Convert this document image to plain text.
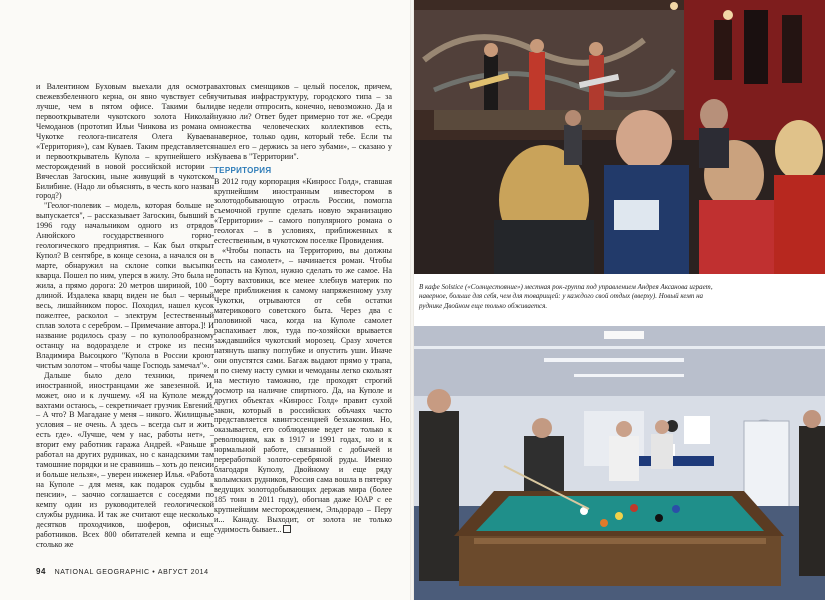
и Валентином Буховым выехали для осмотра свежевзбеленного керна, он явно чувствует себя лучше, чем в пятом офисе. Такими были первооткрыватели чукотского золота Николай Чемоданов (прототип Ильи Чинкова из романа о Чукотке геолога-писателя Олега Куваева «Территория»), сам Куваев. Таким представляется и первооткрыватель Купола – крупнейшего из месторождений в новой российской истории – Вячеслав Загоскин, ныне живущий в чукотском Билибине. (Надо ли объяснять, в честь кого назван город?)

"Геолог-полевик – модель, которая больше не выпускается", – рассказывает Загоскин, бывший в 1996 году начальником одного из отрядов Анюйского государственного горно-геологического предприятия. – Как был открыт Купол? В сентябре, в конце сезона, а начался он в марте, обнаружил на склоне сопки высыпки кварца. Пошел по ним, уперся в жилу. Это была не жила, а прямо дорога: 20 метров шириной, 100 – длиной. Издалека кварц виден не был – черный весь, лишайником порос. Походил, нашел кусок пожелтее, расколол – электрум [естественный сплав золота с серебром. – Примечание автора.]! И название родилось сразу – по куполообразному останцу на водоразделе и строке из песни Владимира Высоцкого "Купола в России кроют чистым золотом – чтобы чаще Господь замечал"».

Дальше было дело техники, причем иностранной, иностранцами же завезенной. И, может, оно и к лучшему. «Я на Куполе между вахтами остаюсь, – секретничает грузчик Евгений. – А что? В Магадане у меня – никого. Жилищные условия – не очень. А здесь – всегда сыт и жить есть где». «Лучше, чем у нас, работы нет», – вторит ему работник гаража Андрей. «Раньше я работал на других рудниках, но с канадскими там тамошние порядки и не сравнишь – хоть до пенсии и больше нельзя», – уверен инженер Илья. «Работа на Куполе – для меня, как подарок судьбы к пенсии», – заочно соглашается с соседями по кемпу один из руководителей геологической службы рудника. И так же считают еще несколько десятков проходчиков, шоферов, офисных работников. Всех 800 обитателей кемпа и еще столько же

вахтовых сменщиков – целый поселок, причем, учитывая инфраструктуру, городского типа – за две недели отпросить, конечно, невозможно. Да и нужно ли? Ответ будет примерно тот же. «Среди множества человеческих коллективов есть, наверное, только один, который тебе. Если ты нашел его – держись за него зубами», – сказано у Куваева в "Территории".

ТЕРРИТОРИЯ

В 2012 году корпорация «Кинросс Голд», ставшая крупнейшим иностранным инвестором в золотодобывающую отрасль России, помогла съемочной группе сделать новую экранизацию «Территории» – самого популярного романа о геологах – в условиях, приближенных к естественным, в чукотском поселке Провидения.

«Чтобы попасть на Территорию, вы должны сесть на самолет», – начинается роман. Чтобы попасть на Купол, нужно сделать то же самое. На борту вахтовики, все менее хлебнув материк по мере приближения к самому напряженному узлу Чукотки, отрываются от себя остатки материкового советского быта. Через два с половиной часа, когда на Куполе самолет распахивает люк, туда по-хозяйски врывается заждавшийся чукотский морозец. Сразу хочется натянуть шапку поглубже и опустить уши. Иначе они опустятся сами. Багаж выдают прямо у трапа, и по снему насту сумки и чемоданы легко скользят на местную таможню, где проходят строгий досмотр на наличие спиртного. Да, на Куполе и других объектах «Кинросс Голд» правит сухой закон, который в российских объчаях часто представляется квинтэссенцией безхакония. Но, оказывается, его соблюдение ведет не только к революциям, как в 1917 и 1991 годах, но и к нормальной работе, связанной с добычей и переработкой золото-серебряной руды. Именно благодаря Куполу, Двойному и еще ряду колымских рудников, Россия сама вошла в пятерку ведущих золотодобывающих держав мира (более 185 тонн в 2011 году), обогнав даже ЮАР с ее крупнейшим месторождением, Эльдорадо – Перу и... Канаду. Выходит, от золота не только судимость бывает...

94 NATIONAL GEOGRAPHIC • АВГУСТ 2014
В кафе Solstice («Солнцестояние») местная рок-группа под управлением Андрея Аксанова играет, наверное, больше для себя, чем для товарищей: у каждого свой отдых (вверху). Новый кемп на руднике Двойном еще только обживается.
